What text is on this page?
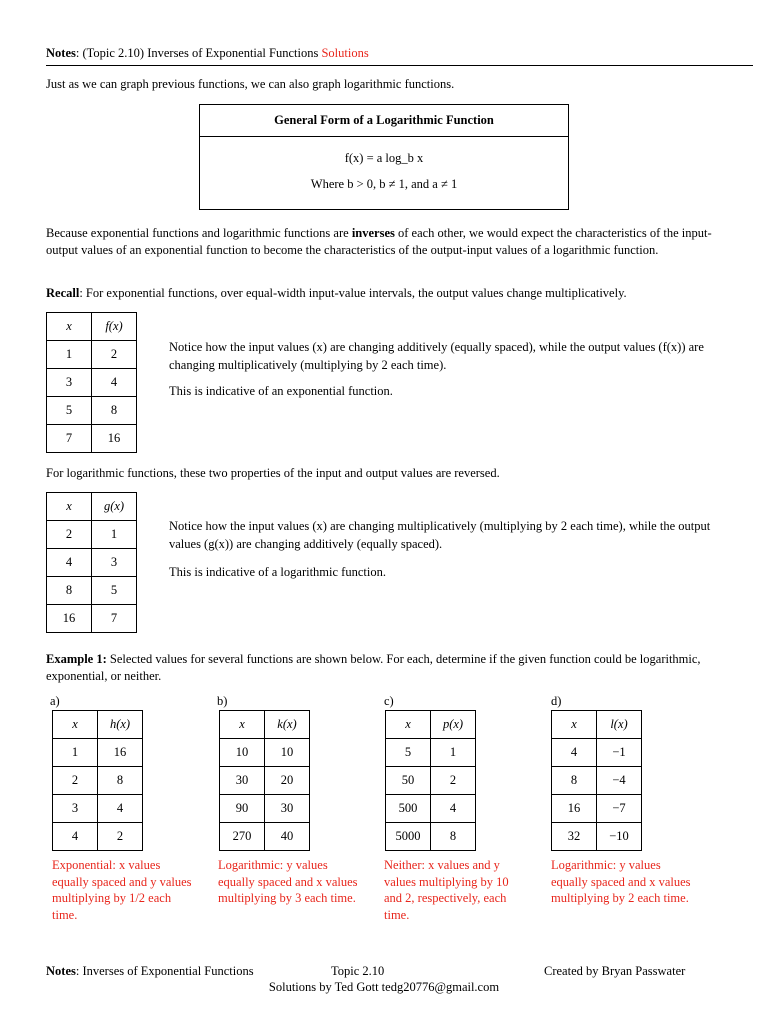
Notes: (Topic 2.10) Inverses of Exponential Functions Solutions
Just as we can graph previous functions, we can also graph logarithmic functions.
General Form of a Logarithmic Function
f(x) = a log_b x
Where b > 0, b ≠ 1, and a ≠ 1
Because exponential functions and logarithmic functions are inverses of each other, we would expect the characteristics of the input-output values of an exponential function to become the characteristics of the output-input values of a logarithmic function.
Recall: For exponential functions, over equal-width input-value intervals, the output values change multiplicatively.
x	f(x)
1	2
3	4
5	8
7	16
Notice how the input values (x) are changing additively (equally spaced), while the output values (f(x)) are changing multiplicatively (multiplying by 2 each time).
This is indicative of an exponential function.
For logarithmic functions, these two properties of the input and output values are reversed.
x	g(x)
2	1
4	3
8	5
16	7
Notice how the input values (x) are changing multiplicatively (multiplying by 2 each time), while the output values (g(x)) are changing additively (equally spaced).
This is indicative of a logarithmic function.
Example 1: Selected values for several functions are shown below. For each, determine if the given function could be logarithmic, exponential, or neither.
a)
x	h(x)
1	16
2	8
3	4
4	2
Exponential: x values equally spaced and y values multiplying by 1/2 each time.
b)
x	k(x)
10	10
30	20
90	30
270	40
Logarithmic: y values equally spaced and x values multiplying by 3 each time.
c)
x	p(x)
5	1
50	2
500	4
5000	8
Neither: x values and y values multiplying by 10 and 2, respectively, each time.
d)
x	l(x)
4	−1
8	−4
16	−7
32	−10
Logarithmic: y values equally spaced and x values multiplying by 2 each time.
Notes: Inverses of Exponential Functions	Topic 2.10	Created by Bryan Passwater
Solutions by Ted Gott tedg20776@gmail.com
